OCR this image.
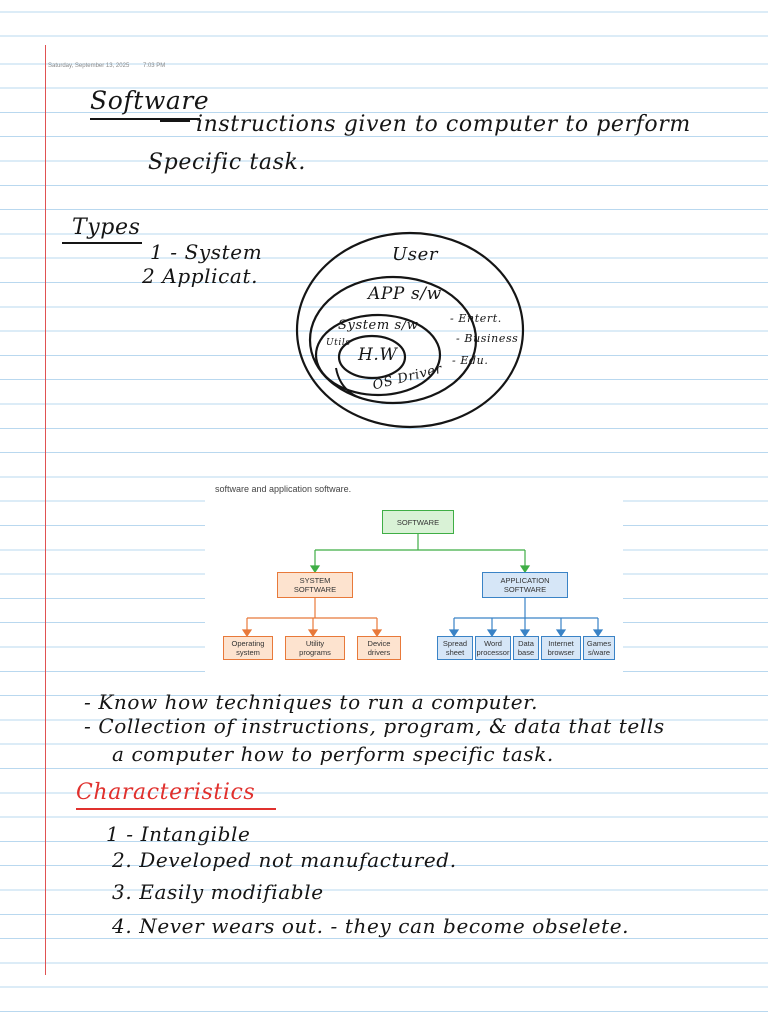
Saturday, September 13, 2025 7:03 PM
Software
instructions given to computer to perform
Specific task.
Types
1 - System
2 Applicat.
User
APP s/w
System s/w
H.W
OS Driver
Utils
- Entert.
- Business
- Edu.
software and application software.
SOFTWARE
SYSTEM
SOFTWARE
APPLICATION
SOFTWARE
Operating
system
Utility
programs
Device
drivers
Spread
sheet
Word
processor
Data
base
Internet
browser
Games
s/ware
- Know how techniques to run a computer.
- Collection of instructions, program, & data that tells
a computer how to perform specific task.
Characteristics
1 - Intangible
2. Developed not manufactured.
3. Easily modifiable
4. Never wears out. - they can become obselete.
